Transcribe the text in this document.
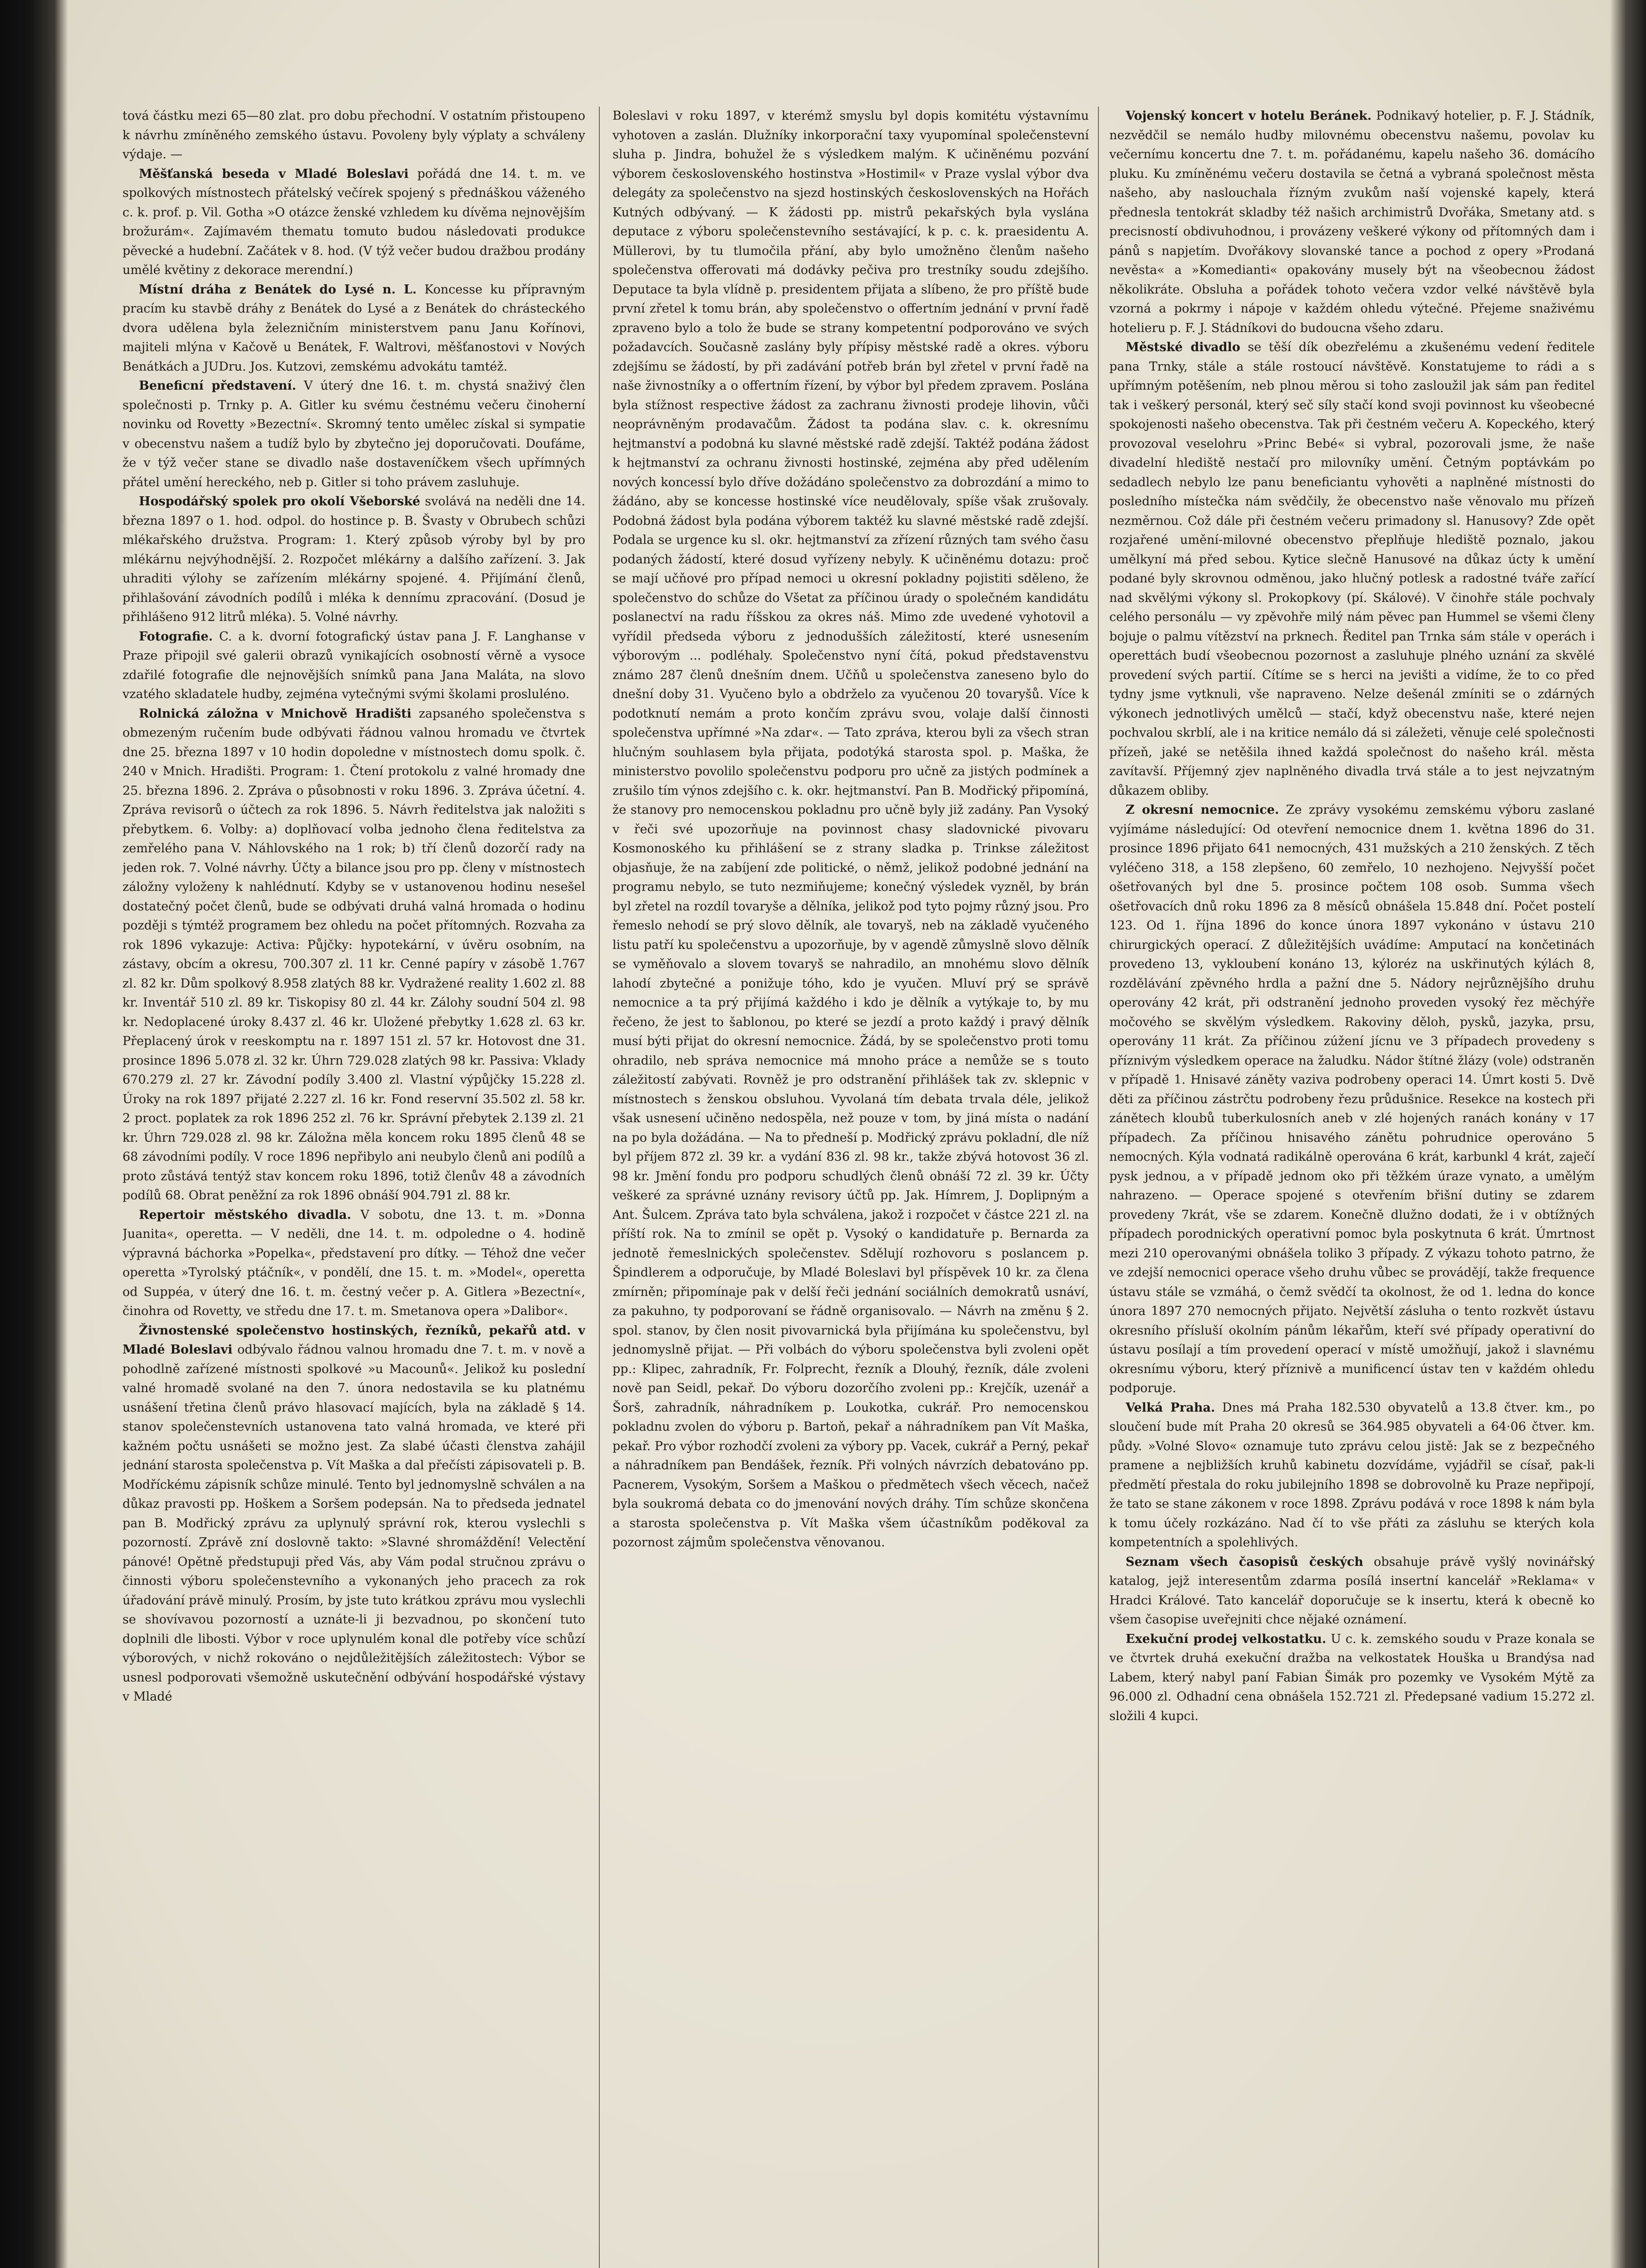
tová částku mezi 65—80 zlat. pro dobu přechodní. V ostatním přistoupeno k návrhu zmíněného zemského ústavu. Povoleny byly výplaty a schváleny výdaje. —

Měšťanská beseda v Mladé Boleslavi pořádá dne 14. t. m. ve spolkových místnostech přátelský večírek spojený s přednáškou váženého c. k. prof. p. Vil. Gotha »O otázce ženské vzhledem ku dívěma nejnovějším brožurám«. Zajímavém thematu tomuto budou následovati produkce pěvecké a hudební. Začátek v 8. hod. (V týž večer budou dražbou prodány umělé květiny z dekorace merendní.)

Místní dráha z Benátek do Lysé n. L. Koncesse ku přípravným pracím ku stavbě dráhy z Benátek do Lysé a z Benátek do chrásteckého dvora udělena byla železničním ministerstvem panu Janu Kořínovi, majiteli mlýna v Kačově u Benátek, F. Waltrovi, měšťanostovi v Nových Benátkách a JUDru. Jos. Kutzovi, zemskému advokátu tamtéž.

Beneficní představení. V úterý dne 16. t. m. chystá snaživý člen společnosti p. Trnky p. A. Gitler ku svému čestnému večeru činoherní novinku od Rovetty »Bezectní«. Skromný tento umělec získal si sympatie v obecenstvu našem a tudíž bylo by zbytečno jej doporučovati. Doufáme, že v týž večer stane se divadlo naše dostaveníčkem všech upřímných přátel umění hereckého, neb p. Gitler si toho právem zasluhuje.

Hospodářský spolek pro okolí Všeborské svolává na neděli dne 14. března 1897 o 1. hod. odpol. do hostince p. B. Švasty v Obrubech schůzi mlékařského družstva. Program: 1. Který způsob výroby byl by pro mlékárnu nejvýhodnější. 2. Rozpočet mlékárny a dalšího zařízení. 3. Jak uhraditi výlohy se zařízením mlékárny spojené. 4. Přijímání členů, přihlašování závodních podílů i mléka k dennímu zpracování. (Dosud je přihlášeno 912 litrů mléka). 5. Volné návrhy.

Fotografie. C. a k. dvorní fotografický ústav pana J. F. Langhanse v Praze připojil své galerii obrazů vynikajících osobností věrně a vysoce zdařilé fotografie dle nejnovějších snímků pana Jana Maláta, na slovo vzatého skladatele hudby, zejména vytečnými svými školami prosluléno.

Rolnická záložna v Mnichově Hradišti zapsaného společenstva s obmezeným ručením bude odbývati řádnou valnou hromadu ve čtvrtek dne 25. března 1897 v 10 hodin dopoledne v místnostech domu spolk. č. 240 v Mnich. Hradišti. Program: 1. Čtení protokolu z valné hromady dne 25. března 1896. 2. Zpráva o působnosti v roku 1896. 3. Zpráva účetní. 4. Zpráva revisorů o účtech za rok 1896. 5. Návrh ředitelstva jak naložiti s přebytkem. 6. Volby: a) doplňovací volba jednoho člena ředitelstva za zemřelého pana V. Náhlovského na 1 rok; b) tří členů dozorčí rady na jeden rok. 7. Volné návrhy. Účty a bilance jsou pro pp. členy v místnostech záložny vyloženy k nahlédnutí. Kdyby se v ustanovenou hodinu nesešel dostatečný počet členů, bude se odbývati druhá valná hromada o hodinu později s týmtéž programem bez ohledu na počet přítomných. Rozvaha za rok 1896 vykazuje: Activa: Půjčky: hypotekární, v úvěru osobním, na zástavy, obcím a okresu, 700.307 zl. 11 kr. Cenné papíry v zásobě 1.767 zl. 82 kr. Dům spolkový 8.958 zlatých 88 kr. Vydražené reality 1.602 zl. 88 kr. Inventář 510 zl. 89 kr. Tiskopisy 80 zl. 44 kr. Zálohy soudní 504 zl. 98 kr. Nedoplacené úroky 8.437 zl. 46 kr. Uložené přebytky 1.628 zl. 63 kr. Přeplacený úrok v reeskomptu na r. 1897 151 zl. 57 kr. Hotovost dne 31. prosince 1896 5.078 zl. 32 kr. Úhrn 729.028 zlatých 98 kr. Passiva: Vklady 670.279 zl. 27 kr. Závodní podíly 3.400 zl. Vlastní výpůjčky 15.228 zl. Úroky na rok 1897 přijaté 2.227 zl. 16 kr. Fond reservní 35.502 zl. 58 kr. 2 proct. poplatek za rok 1896 252 zl. 76 kr. Správní přebytek 2.139 zl. 21 kr. Úhrn 729.028 zl. 98 kr. Záložna měla koncem roku 1895 členů 48 se 68 závodními podíly. V roce 1896 nepřibylo ani neubylo členů ani podílů a proto zůstává tentýž stav koncem roku 1896, totiž členův 48 a závodních podílů 68. Obrat peněžní za rok 1896 obnáší 904.791 zl. 88 kr.

Repertoir městského divadla. V sobotu, dne 13. t. m. »Donna Juanita«, operetta. — V neděli, dne 14. t. m. odpoledne o 4. hodině výpravná báchorka »Popelka«, představení pro dítky. — Téhož dne večer operetta »Tyrolský ptáčník«, v pondělí, dne 15. t. m. »Model«, operetta od Suppéa, v úterý dne 16. t. m. čestný večer p. A. Gitlera »Bezectní«, činohra od Rovetty, ve středu dne 17. t. m. Smetanova opera »Dalibor«.

Živnostenské společenstvo hostinských, řezníků, pekařů atd. v Mladé Boleslavi odbývalo řádnou valnou hromadu dne 7. t. m. v nově a pohodlně zařízené místnosti spolkové »u Macounů«. Jelikož ku poslední valné hromadě svolané na den 7. února nedostavila se ku platnému usnášení třetina členů právo hlasovací majících, byla na základě § 14. stanov společenstevních ustanovena tato valná hromada, ve které při kažném počtu usnášeti se možno jest. Za slabé účasti členstva zahájil jednání starosta společenstva p. Vít Maška a dal přečísti zápisovateli p. B. Modříckému zápisník schůze minulé. Tento byl jednomyslně schválen a na důkaz pravosti pp. Hoškem a Soršem podepsán. Na to předseda jednatel pan B. Modřický zprávu za uplynulý správní rok, kterou vyslechli s pozorností. Zprávě zní doslovně takto: »Slavné shromáždění! Velectění pánové! Opětně předstupuji před Vás, aby Vám podal stručnou zprávu o činnosti výboru společenstevního a vykonaných jeho pracech za rok úřadování právě minulý. Prosím, by jste tuto krátkou zprávu mou vyslechli se shovívavou pozorností a uznáte-li ji bezvadnou, po skončení tuto doplnili dle libosti. Výbor v roce uplynulém konal dle potřeby více schůzí výborových, v nichž rokováno o nejdůležitějších záležitostech: Výbor se usnesl podporovati všemožně uskutečnění odbývání hospodářské výstavy v Mladé

Boleslavi v roku 1897, v kterémž smyslu byl dopis komitétu výstavnímu vyhotoven a zaslán. Dlužníky inkorporační taxy vyupomínal společenstevní sluha p. Jindra, bohužel že s výsledkem malým. K učiněnému pozvání výborem československého hostinstva »Hostimil« v Praze vyslal výbor dva delegáty za společenstvo na sjezd hostinských československých na Hořách Kutných odbývaný. — K žádosti pp. mistrů pekařských byla vyslána deputace z výboru společenstevního sestávající, k p. c. k. praesidentu A. Müllerovi, by tu tlumočila přání, aby bylo umožněno členům našeho společenstva offerovati má dodávky pečiva pro trestníky soudu zdejšího. Deputace ta byla vlídně p. presidentem přijata a slíbeno, že pro příště bude první zřetel k tomu brán, aby společenstvo o offertním jednání v první řadě zpraveno bylo a tolo že bude se strany kompetentní podporováno ve svých požadavcích. Současně zaslány byly přípisy městské radě a okres. výboru zdejšímu se žádostí, by při zadávání potřeb brán byl zřetel v první řadě na naše živnostníky a o offertním řízení, by výbor byl předem zpravem. Poslána byla stížnost respective žádost za zachranu živnosti prodeje lihovin, vůči neoprávněným prodavačům. Žádost ta podána slav. c. k. okresnímu hejtmanství a podobná ku slavné městské radě zdejší. Taktéž podána žádost k hejtmanství za ochranu živnosti hostinské, zejména aby před udělením nových koncessí bylo dříve dožádáno společenstvo za dobrozdání a mimo to žádáno, aby se koncesse hostinské více neudělovaly, spíše však zrušovaly. Podobná žádost byla podána výborem taktéž ku slavné městské radě zdejší. Podala se urgence ku sl. okr. hejtmanství za zřízení různých tam svého času podaných žádostí, které dosud vyřízeny nebyly. K učiněnému dotazu: proč se mají učňové pro případ nemoci u okresní pokladny pojistiti sděleno, že společenstvo do schůze do Všetat za příčinou úrady o společném kandidátu poslanectví na radu říšskou za okres náš. Mimo zde uvedené vyhotovil a vyřídil předseda výboru z jednodušších záležitostí, které usnesením výborovým ... podléhaly. Společenstvo nyní čítá, pokud představenstvu známo 287 členů dnešním dnem. Učňů u společenstva zaneseno bylo do dnešní doby 31. Vyučeno bylo a obdrželo za vyučenou 20 tovaryšů. Více k podotknutí nemám a proto končím zprávu svou, volaje další činnosti společenstva upřímné »Na zdar«. — Tato zpráva, kterou byli za všech stran hlučným souhlasem byla přijata, podotýká starosta spol. p. Maška, že ministerstvo povolilo společenstvu podporu pro učně za jistých podmínek a zrušilo tím výnos zdejšího c. k. okr. hejtmanství. Pan B. Modřický připomíná, že stanovy pro nemocenskou pokladnu pro učně byly již zadány. Pan Vysoký v řeči své upozorňuje na povinnost chasy sladovnické pivovaru Kosmonoského ku přihlášení se z strany sladka p. Trinkse záležitost objasňuje, že na zabíjení zde politické, o němž, jelikož podobné jednání na programu nebylo, se tuto nezmiňujeme; konečný výsledek vyzněl, by brán byl zřetel na rozdíl tovaryše a dělníka, jelikož pod tyto pojmy různý jsou. Pro řemeslo nehodí se prý slovo dělník, ale tovaryš, neb na základě vyučeného listu patří ku společenstvu a upozorňuje, by v agendě zůmyslně slovo dělník se vyměňovalo a slovem tovaryš se nahradilo, an mnohému slovo dělník lahodí zbytečné a ponižuje tóho, kdo je vyučen. Mluví prý se správě nemocnice a ta prý přijímá každého i kdo je dělník a vytýkaje to, by mu řečeno, že jest to šablonou, po které se jezdí a proto každý i pravý dělník musí býti přijat do okresní nemocnice. Žádá, by se společenstvo proti tomu ohradilo, neb správa nemocnice má mnoho práce a nemůže se s touto záležitostí zabývati. Rovněž je pro odstranění přihlášek tak zv. sklepnic v místnostech s ženskou obsluhou. Vyvolaná tím debata trvala déle, jelikož však usnesení učiněno nedospěla, než pouze v tom, by jiná místa o nadání na po byla dožádána. — Na to předneší p. Modřický zprávu pokladní, dle níž byl příjem 872 zl. 39 kr. a vydání 836 zl. 98 kr., takže zbývá hotovost 36 zl. 98 kr. Jmění fondu pro podporu schudlých členů obnáší 72 zl. 39 kr. Účty veškeré za správné uznány revisory účtů pp. Jak. Hímrem, J. Doplipným a Ant. Šulcem. Zpráva tato byla schválena, jakož i rozpočet v částce 221 zl. na příští rok. Na to zmínil se opět p. Vysoký o kandidatuře p. Bernarda za jednotě řemeslnických společenstev. Sdělují rozhovoru s poslancem p. Špindlerem a odporučuje, by Mladé Boleslavi byl příspěvek 10 kr. za člena zmírněn; připomínaje pak v delší řeči jednání sociálních demokratů usnáví, za pakuhno, ty podporovaní se řádně organisovalo. — Návrh na změnu § 2. spol. stanov, by člen nosit pivovarnická byla přijímána ku společenstvu, byl jednomyslně přijat. — Při volbách do výboru společenstva byli zvoleni opět pp.: Klipec, zahradník, Fr. Folprecht, řezník a Dlouhý, řezník, dále zvoleni nově pan Seidl, pekař. Do výboru dozorčího zvoleni pp.: Krejčík, uzenář a Šorš, zahradník, náhradníkem p. Loukotka, cukrář. Pro nemocenskou pokladnu zvolen do výboru p. Bartoň, pekař a náhradníkem pan Vít Maška, pekař. Pro výbor rozhodčí zvoleni za výbory pp. Vacek, cukrář a Perný, pekař a náhradníkem pan Bendášek, řezník. Při volných návrzích debatováno pp. Pacnerem, Vysokým, Soršem a Maškou o předmětech všech věcech, načež byla soukromá debata co do jmenování nových dráhy. Tím schůze skončena a starosta společenstva p. Vít Maška všem účastníkům poděkoval za pozornost zájmům společenstva věnovanou.

Vojenský koncert v hotelu Beránek. Podnikavý hotelier, p. F. J. Stádník, nezvědčil se nemálo hudby milovnému obecenstvu našemu, povolav ku večernímu koncertu dne 7. t. m. pořádanému, kapelu našeho 36. domácího pluku. Ku zmíněnému večeru dostavila se četná a vybraná společnost města našeho, aby naslouchala řízným zvukům naší vojenské kapely, která přednesla tentokrát skladby též našich archimistrů Dvořáka, Smetany atd. s precisností obdivuhodnou, i provázeny veškeré výkony od přítomných dam i pánů s napjetím. Dvořákovy slovanské tance a pochod z opery »Prodaná nevěsta« a »Komedianti« opakovány musely být na všeobecnou žádost několikráte. Obsluha a pořádek tohoto večera vzdor velké návštěvě byla vzorná a pokrmy i nápoje v každém ohledu výtečné. Přejeme snaživému hotelieru p. F. J. Stádníkovi do budoucna všeho zdaru.

Městské divadlo se těší dík obezřelému a zkušenému vedení ředitele pana Trnky, stále a stále rostoucí návštěvě. Konstatujeme to rádi a s upřímným potěšením, neb plnou měrou si toho zasloužil jak sám pan ředitel tak i veškerý personál, který seč síly stačí kond svoji povinnost ku všeobecné spokojenosti našeho obecenstva. Tak při čestném večeru A. Kopeckého, který provozoval veselohru »Princ Bebé« si vybral, pozorovali jsme, že naše divadelní hlediště nestačí pro milovníky umění. Četným poptávkám po sedadlech nebylo lze panu beneficiantu vyhověti a naplněné místnosti do posledního místečka nám svědčily, že obecenstvo naše věnovalo mu přízeň nezměrnou. Což dále při čestném večeru primadony sl. Hanusovy? Zde opět rozjařené umění-milovné obecenstvo přeplňuje hlediště poznalo, jakou umělkyní má před sebou. Kytice slečně Hanusové na důkaz úcty k umění podané byly skrovnou odměnou, jako hlučný potlesk a radostné tváře zařící nad skvělými výkony sl. Prokopkovy (pí. Skálové). V činohře stále pochvaly celého personálu — vy zpěvohře milý nám pěvec pan Hummel se všemi členy bojuje o palmu vítězství na prknech. Ředitel pan Trnka sám stále v operách i operettách budí všeobecnou pozornost a zasluhuje plného uznání za skvělé provedení svých partií. Cítíme se s herci na jevišti a vidíme, že to co před tydny jsme vytknuli, vše napraveno. Nelze dešenál zmíniti se o zdárných výkonech jednotlivých umělců — stačí, když obecenstvu naše, které nejen pochvalou skrblí, ale i na kritice nemálo dá si záležeti, věnuje celé společnosti přízeň, jaké se netěšila ihned každá společnost do našeho král. města zavítavší. Příjemný zjev naplněného divadla trvá stále a to jest nejvzatným důkazem obliby.

Z okresní nemocnice. Ze zprávy vysokému zemskému výboru zaslané vyjímáme následující: Od otevření nemocnice dnem 1. května 1896 do 31. prosince 1896 přijato 641 nemocných, 431 mužských a 210 ženských. Z těch vyléčeno 318, a 158 zlepšeno, 60 zemřelo, 10 nezhojeno. Nejvyšší počet ošetřovaných byl dne 5. prosince počtem 108 osob. Summa všech ošetřovacích dnů roku 1896 za 8 měsíců obnášela 15.848 dní. Počet postelí 123. Od 1. října 1896 do konce února 1897 vykonáno v ústavu 210 chirurgických operací. Z důležitějších uvádíme: Amputací na končetinách provedeno 13, vykloubení konáno 13, kýloréz na uskřinutých kýlách 8, rozdělávání zpěvného hrdla a pažní dne 5. Nádory nejrůznějšího druhu operovány 42 krát, při odstranění jednoho proveden vysoký řez měchýře močového se skvělým výsledkem. Rakoviny děloh, pysků, jazyka, prsu, operovány 11 krát. Za příčinou zúžení jícnu ve 3 případech provedeny s příznivým výsledkem operace na žaludku. Nádor štítné žlázy (vole) odstraněn v případě 1. Hnisavé záněty vaziva podrobeny operaci 14. Úmrt kosti 5. Dvě děti za příčinou zástrčtu podrobeny řezu průdušnice. Resekce na kostech při zánětech kloubů tuberkulosních aneb v zlé hojených ranách konány v 17 případech. Za příčinou hnisavého zánětu pohrudnice operováno 5 nemocných. Kýla vodnatá radikálně operována 6 krát, karbunkl 4 krát, zaječí pysk jednou, a v případě jednom oko při těžkém úraze vynato, a umělým nahrazeno. — Operace spojené s otevřením břišní dutiny se zdarem provedeny 7krát, vše se zdarem. Konečně dlužno dodati, že i v obtížných případech porodnických operativní pomoc byla poskytnuta 6 krát. Úmrtnost mezi 210 operovanými obnášela toliko 3 případy. Z výkazu tohoto patrno, že ve zdejší nemocnici operace všeho druhu vůbec se provádějí, takže frequence ústavu stále se vzmáhá, o čemž svědčí ta okolnost, že od 1. ledna do konce února 1897 270 nemocných přijato. Největší zásluha o tento rozkvět ústavu okresního přísluší okolním pánům lékařům, kteří své případy operativní do ústavu posílají a tím provedení operací v místě umožňují, jakož i slavnému okresnímu výboru, který příznivě a munificencí ústav ten v každém ohledu podporuje.

Velká Praha. Dnes má Praha 182.530 obyvatelů a 13.8 čtver. km., po sloučení bude mít Praha 20 okresů se 364.985 obyvateli a 64·06 čtver. km. půdy. »Volné Slovo« oznamuje tuto zprávu celou jistě: Jak se z bezpečného pramene a nejbližších kruhů kabinetu dozvídáme, vyjádřil se císař, pak-li předmětí přestala do roku jubilejního 1898 se dobrovolně ku Praze nepřipojí, že tato se stane zákonem v roce 1898. Zprávu podává v roce 1898 k nám byla k tomu účely rozkázáno. Nad čí to vše přáti za zásluhu se kterých kola kompetentních a spolehlivých.

Seznam všech časopisů českých obsahuje právě vyšlý novinářský katalog, jejž interesentům zdarma posílá insertní kancelář »Reklama« v Hradci Králové. Tato kancelář doporučuje se k insertu, která k obecně ko všem časopise uveřejniti chce nějaké oznámení.

Exekuční prodej velkostatku. U c. k. zemského soudu v Praze konala se ve čtvrtek druhá exekuční dražba na velkostatek Houška u Brandýsa nad Labem, který nabyl paní Fabian Šimák pro pozemky ve Vysokém Mýtě za 96.000 zl. Odhadní cena obnášela 152.721 zl. Předepsané vadium 15.272 zl. složili 4 kupci.
